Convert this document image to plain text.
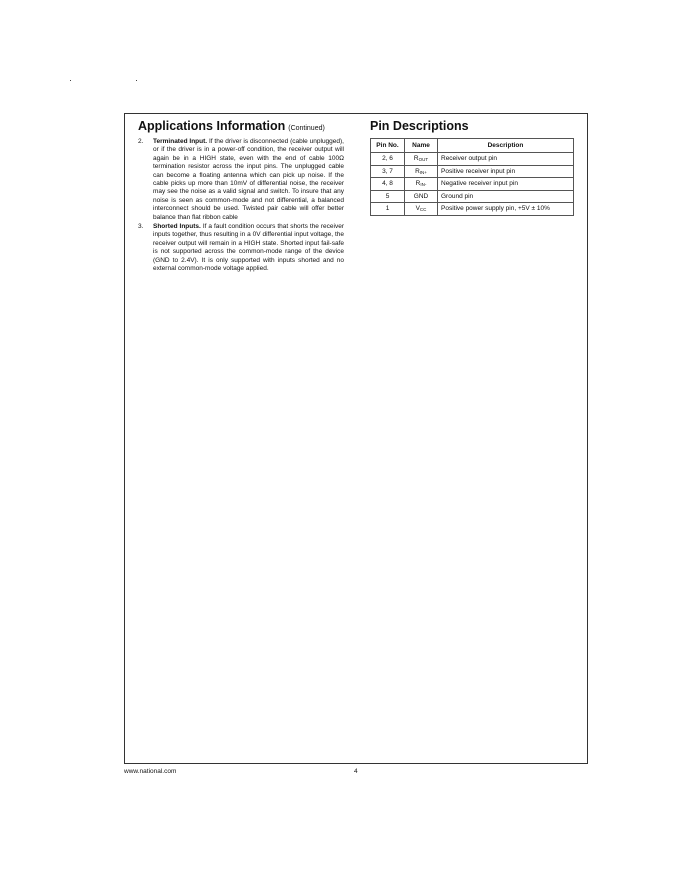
Applications Information (Continued)
2. Terminated Input. If the driver is disconnected (cable unplugged), or if the driver is in a power-off condition, the receiver output will again be in a HIGH state, even with the end of cable 100Ω termination resistor across the input pins. The unplugged cable can become a floating antenna which can pick up noise. If the cable picks up more than 10mV of differential noise, the receiver may see the noise as a valid signal and switch. To insure that any noise is seen as common-mode and not differential, a balanced interconnect should be used. Twisted pair cable will offer better balance than flat ribbon cable
3. Shorted Inputs. If a fault condition occurs that shorts the receiver inputs together, thus resulting in a 0V differential input voltage, the receiver output will remain in a HIGH state. Shorted input fail-safe is not supported across the common-mode range of the device (GND to 2.4V). It is only supported with inputs shorted and no external common-mode voltage applied.
Pin Descriptions
Pin No.	Name	Description
2, 6	$R_{OUT}$	Receiver output pin
3, 7	$R_{IN+}$	Positive receiver input pin
4, 8	$R_{IN-}$	Negative receiver input pin
5	GND	Ground pin
1	$V_{CC}$	Positive power supply pin, +5V ± 10%
www.national.com	4
